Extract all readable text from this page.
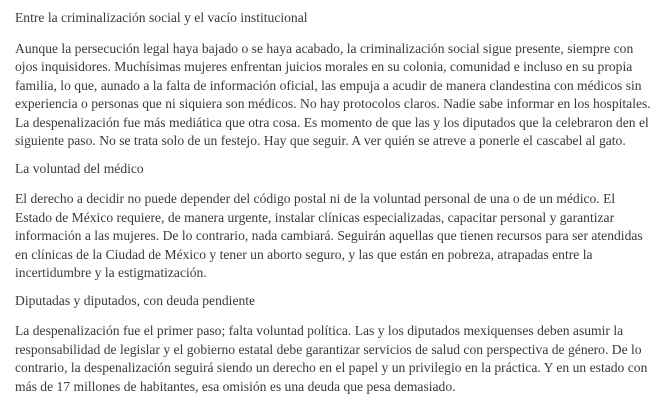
Entre la criminalización social y el vacío institucional

Aunque la persecución legal haya bajado o se haya acabado, la criminalización social sigue presente, siempre con ojos inquisidores. Muchísimas mujeres enfrentan juicios morales en su colonia, comunidad e incluso en su propia familia, lo que, aunado a la falta de información oficial, las empuja a acudir de manera clandestina con médicos sin experiencia o personas que ni siquiera son médicos. No hay protocolos claros. Nadie sabe informar en los hospitales. La despenalización fue más mediática que otra cosa. Es momento de que las y los diputados que la celebraron den el siguiente paso. No se trata solo de un festejo. Hay que seguir. A ver quién se atreve a ponerle el cascabel al gato.

La voluntad del médico

El derecho a decidir no puede depender del código postal ni de la voluntad personal de una o de un médico. El Estado de México requiere, de manera urgente, instalar clínicas especializadas, capacitar personal y garantizar información a las mujeres. De lo contrario, nada cambiará. Seguirán aquellas que tienen recursos para ser atendidas en clínicas de la Ciudad de México y tener un aborto seguro, y las que están en pobreza, atrapadas entre la incertidumbre y la estigmatización.

Diputadas y diputados, con deuda pendiente

La despenalización fue el primer paso; falta voluntad política. Las y los diputados mexiquenses deben asumir la responsabilidad de legislar y el gobierno estatal debe garantizar servicios de salud con perspectiva de género. De lo contrario, la despenalización seguirá siendo un derecho en el papel y un privilegio en la práctica. Y en un estado con más de 17 millones de habitantes, esa omisión es una deuda que pesa demasiado.
